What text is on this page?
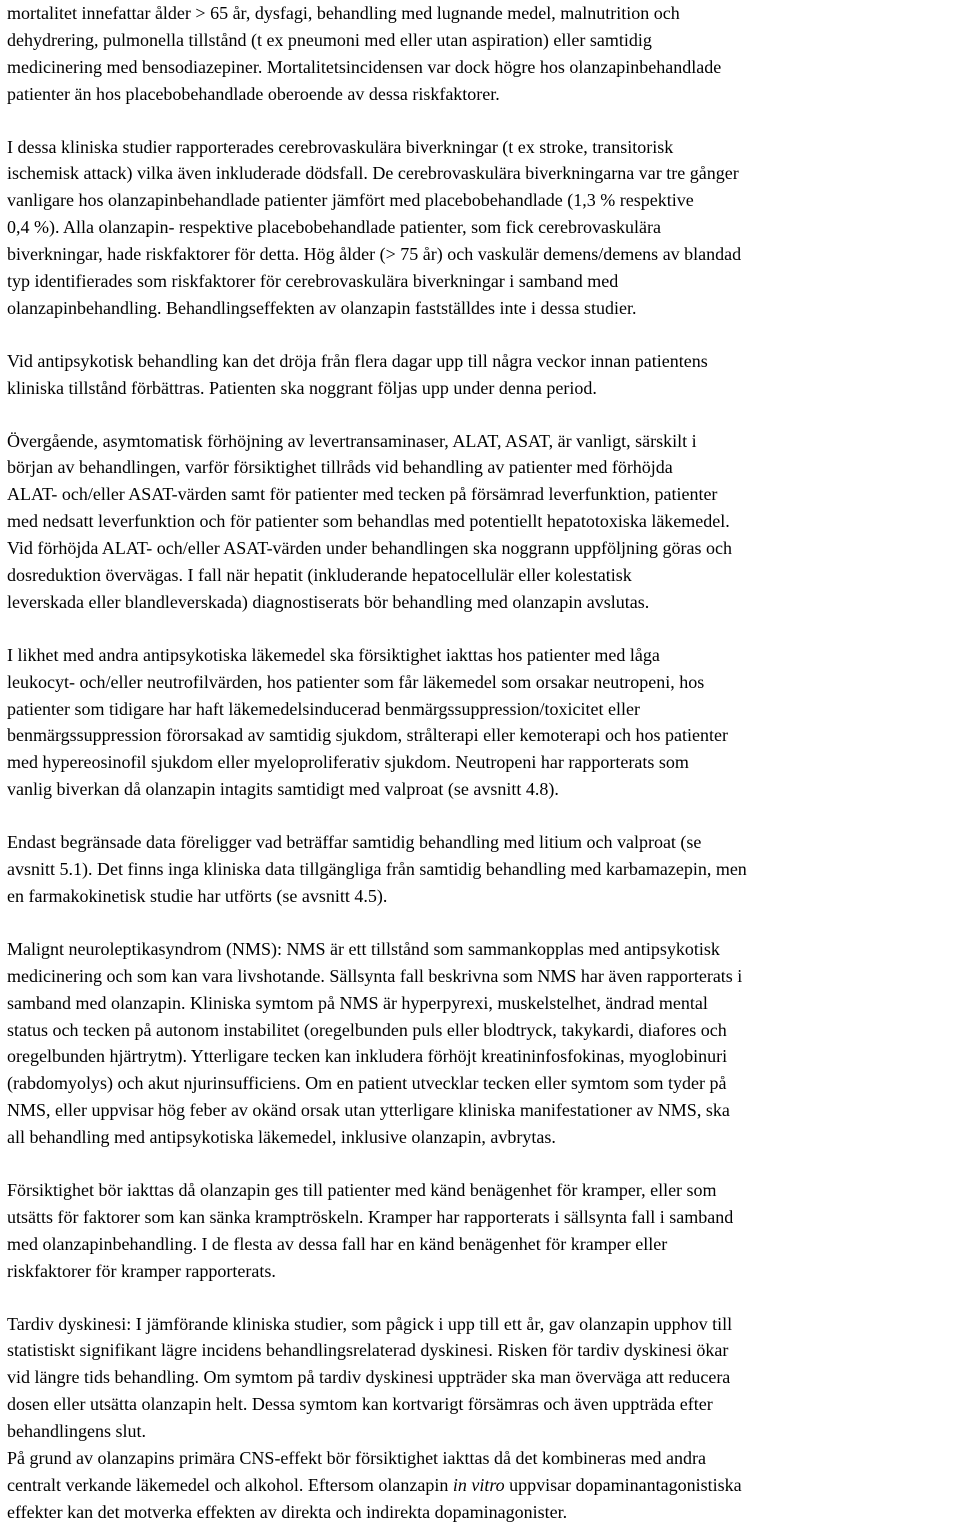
mortalitet innefattar ålder > 65 år, dysfagi, behandling med lugnande medel, malnutrition och
dehydrering, pulmonella tillstånd (t ex pneumoni med eller utan aspiration) eller samtidig
medicinering med bensodiazepiner. Mortalitetsincidensen var dock högre hos olanzapinbehandlade
patienter än hos placebobehandlade oberoende av dessa riskfaktorer.

I dessa kliniska studier rapporterades cerebrovaskulära biverkningar (t ex stroke, transitorisk
ischemisk attack) vilka även inkluderade dödsfall. De cerebrovaskulära biverkningarna var tre gånger
vanligare hos olanzapinbehandlade patienter jämfört med placebobehandlade (1,3 % respektive
0,4 %). Alla olanzapin- respektive placebobehandlade patienter, som fick cerebrovaskulära
biverkningar, hade riskfaktorer för detta. Hög ålder (> 75 år) och vaskulär demens/demens av blandad
typ identifierades som riskfaktorer för cerebrovaskulära biverkningar i samband med
olanzapinbehandling. Behandlingseffekten av olanzapin fastställdes inte i dessa studier.

Vid antipsykotisk behandling kan det dröja från flera dagar upp till några veckor innan patientens
kliniska tillstånd förbättras. Patienten ska noggrant följas upp under denna period.

Övergående, asymtomatisk förhöjning av levertransaminaser, ALAT, ASAT, är vanligt, särskilt i
början av behandlingen, varför försiktighet tillråds vid behandling av patienter med förhöjda
ALAT- och/eller ASAT-värden samt för patienter med tecken på försämrad leverfunktion, patienter
med nedsatt leverfunktion och för patienter som behandlas med potentiellt hepatotoxiska läkemedel.
Vid förhöjda ALAT- och/eller ASAT-värden under behandlingen ska noggrann uppföljning göras och
dosreduktion övervägas. I fall när hepatit (inkluderande hepatocellulär eller kolestatisk
leverskada eller blandleverskada) diagnostiserats bör behandling med olanzapin avslutas.

I likhet med andra antipsykotiska läkemedel ska försiktighet iakttas hos patienter med låga
leukocyt- och/eller neutrofilvärden, hos patienter som får läkemedel som orsakar neutropeni, hos
patienter som tidigare har haft läkemedelsinducerad benmärgssuppression/toxicitet eller
benmärgssuppression förorsakad av samtidig sjukdom, strålterapi eller kemoterapi och hos patienter
med hypereosinofil sjukdom eller myeloproliferativ sjukdom. Neutropeni har rapporterats som
vanlig biverkan då olanzapin intagits samtidigt med valproat (se avsnitt 4.8).

Endast begränsade data föreligger vad beträffar samtidig behandling med litium och valproat (se
avsnitt 5.1). Det finns inga kliniska data tillgängliga från samtidig behandling med karbamazepin, men
en farmakokinetisk studie har utförts (se avsnitt 4.5).

Malignt neuroleptikasyndrom (NMS): NMS är ett tillstånd som sammankopplas med antipsykotisk
medicinering och som kan vara livshotande. Sällsynta fall beskrivna som NMS har även rapporterats i
samband med olanzapin. Kliniska symtom på NMS är hyperpyrexi, muskelstelhet, ändrad mental
status och tecken på autonom instabilitet (oregelbunden puls eller blodtryck, takykardi, diafores och
oregelbunden hjärtrytm). Ytterligare tecken kan inkludera förhöjt kreatininfosfokinas, myoglobinuri
(rabdomyolys) och akut njurinsufficiens. Om en patient utvecklar tecken eller symtom som tyder på
NMS, eller uppvisar hög feber av okänd orsak utan ytterligare kliniska manifestationer av NMS, ska
all behandling med antipsykotiska läkemedel, inklusive olanzapin, avbrytas.

Försiktighet bör iakttas då olanzapin ges till patienter med känd benägenhet för kramper, eller som
utsätts för faktorer som kan sänka kramptröskeln. Kramper har rapporterats i sällsynta fall i samband
med olanzapinbehandling. I de flesta av dessa fall har en känd benägenhet för kramper eller
riskfaktorer för kramper rapporterats.

Tardiv dyskinesi: I jämförande kliniska studier, som pågick i upp till ett år, gav olanzapin upphov till
statistiskt signifikant lägre incidens behandlingsrelaterad dyskinesi. Risken för tardiv dyskinesi ökar
vid längre tids behandling. Om symtom på tardiv dyskinesi uppträder ska man överväga att reducera
dosen eller utsätta olanzapin helt. Dessa symtom kan kortvarigt försämras och även uppträda efter
behandlingens slut.

På grund av olanzapins primära CNS-effekt bör försiktighet iakttas då det kombineras med andra
centralt verkande läkemedel och alkohol. Eftersom olanzapin in vitro uppvisar dopaminantagonistiska
effekter kan det motverka effekten av direkta och indirekta dopaminagonister.
